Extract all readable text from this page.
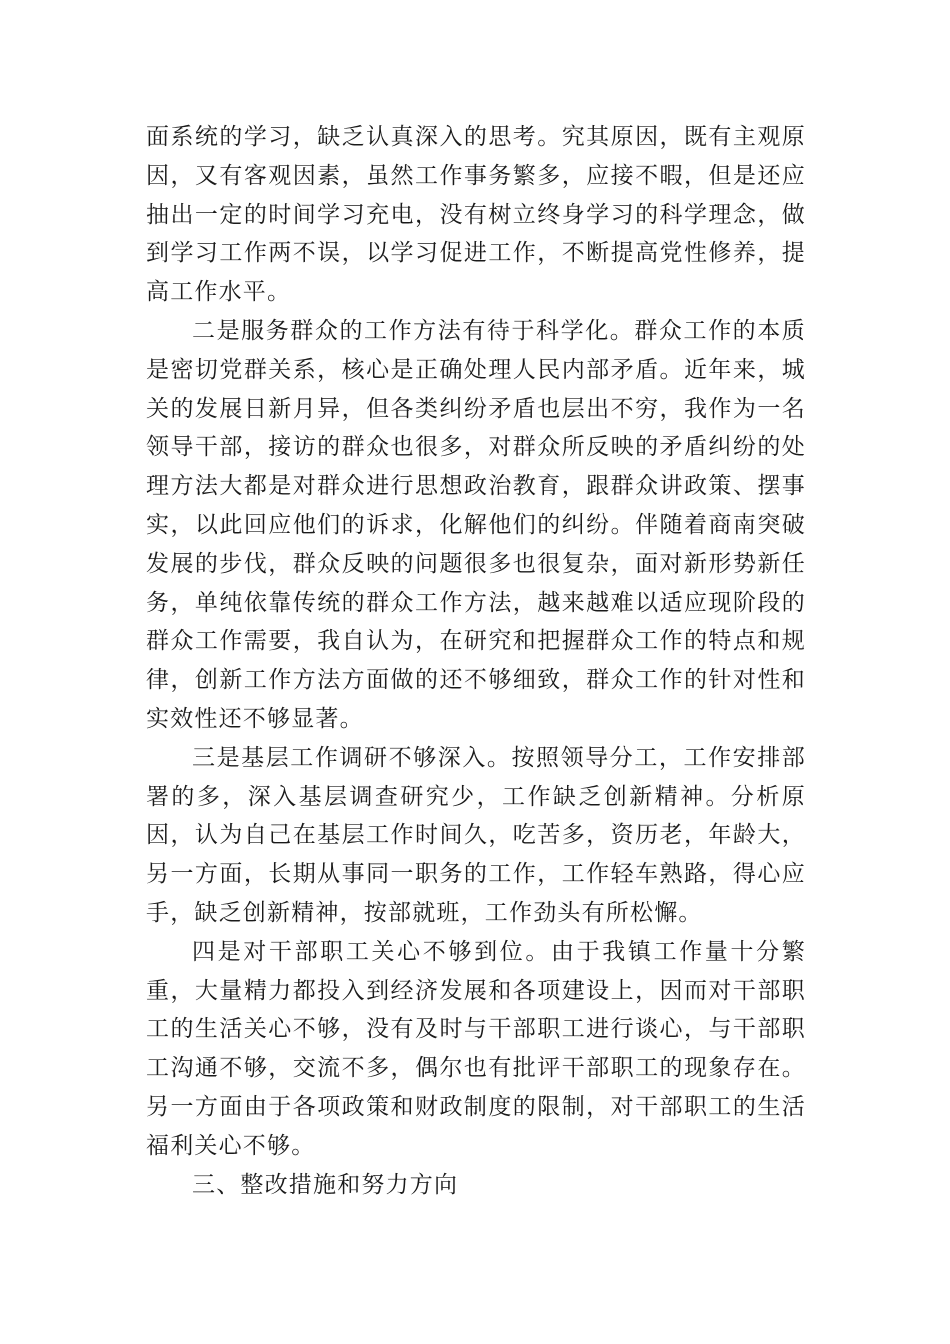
面系统的学习，缺乏认真深入的思考。究其原因，既有主观原因，又有客观因素，虽然工作事务繁多，应接不暇，但是还应抽出一定的时间学习充电，没有树立终身学习的科学理念，做到学习工作两不误，以学习促进工作，不断提高党性修养，提高工作水平。

二是服务群众的工作方法有待于科学化。群众工作的本质是密切党群关系，核心是正确处理人民内部矛盾。近年来，城关的发展日新月异，但各类纠纷矛盾也层出不穷，我作为一名领导干部，接访的群众也很多，对群众所反映的矛盾纠纷的处理方法大都是对群众进行思想政治教育，跟群众讲政策、摆事实，以此回应他们的诉求，化解他们的纠纷。伴随着商南突破发展的步伐，群众反映的问题很多也很复杂，面对新形势新任务，单纯依靠传统的群众工作方法，越来越难以适应现阶段的群众工作需要，我自认为，在研究和把握群众工作的特点和规律，创新工作方法方面做的还不够细致，群众工作的针对性和实效性还不够显著。

三是基层工作调研不够深入。按照领导分工，工作安排部署的多，深入基层调查研究少，工作缺乏创新精神。分析原因，认为自己在基层工作时间久，吃苦多，资历老，年龄大，另一方面，长期从事同一职务的工作，工作轻车熟路，得心应手，缺乏创新精神，按部就班，工作劲头有所松懈。

四是对干部职工关心不够到位。由于我镇工作量十分繁重，大量精力都投入到经济发展和各项建设上，因而对干部职工的生活关心不够，没有及时与干部职工进行谈心，与干部职工沟通不够，交流不多，偶尔也有批评干部职工的现象存在。另一方面由于各项政策和财政制度的限制，对干部职工的生活福利关心不够。

三、整改措施和努力方向
